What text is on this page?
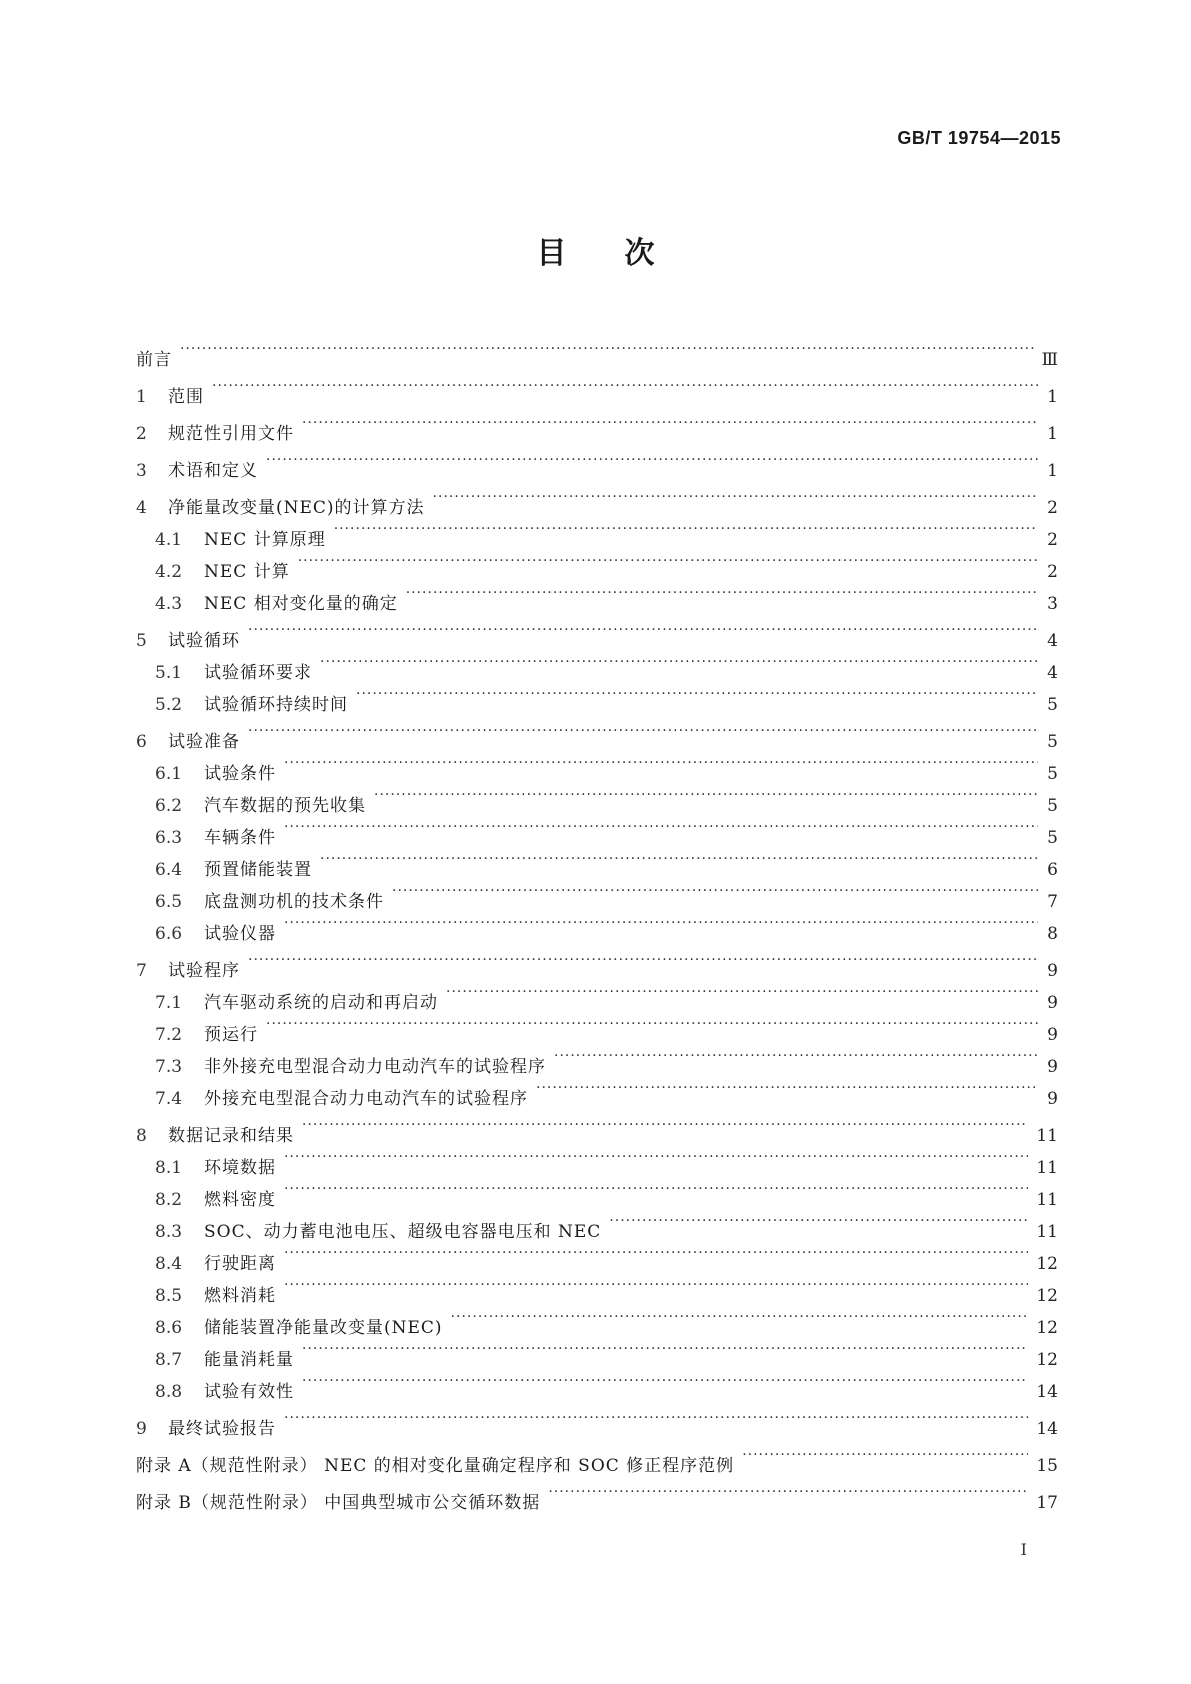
GB/T 19754—2015
目次
前言 ·····	Ⅲ
1	范围 ·····	1
2	规范性引用文件 ·····	1
3	术语和定义 ·····	1
4	净能量改变量(NEC)的计算方法 ·····	2
4.1	NEC 计算原理 ·····	2
4.2	NEC 计算 ·····	2
4.3	NEC 相对变化量的确定 ·····	3
5	试验循环 ·····	4
5.1	试验循环要求 ·····	4
5.2	试验循环持续时间 ·····	5
6	试验准备 ·····	5
6.1	试验条件 ·····	5
6.2	汽车数据的预先收集 ·····	5
6.3	车辆条件 ·····	5
6.4	预置储能装置 ·····	6
6.5	底盘测功机的技术条件 ·····	7
6.6	试验仪器 ·····	8
7	试验程序 ·····	9
7.1	汽车驱动系统的启动和再启动 ·····	9
7.2	预运行 ·····	9
7.3	非外接充电型混合动力电动汽车的试验程序 ·····	9
7.4	外接充电型混合动力电动汽车的试验程序 ·····	9
8	数据记录和结果 ·····	11
8.1	环境数据 ·····	11
8.2	燃料密度 ·····	11
8.3	SOC、动力蓄电池电压、超级电容器电压和 NEC ·····	11
8.4	行驶距离 ·····	12
8.5	燃料消耗 ·····	12
8.6	储能装置净能量改变量(NEC) ·····	12
8.7	能量消耗量 ·····	12
8.8	试验有效性 ·····	14
9	最终试验报告 ·····	14
附录 A（规范性附录） NEC 的相对变化量确定程序和 SOC 修正程序范例 ·····	15
附录 B（规范性附录） 中国典型城市公交循环数据 ·····	17
I
